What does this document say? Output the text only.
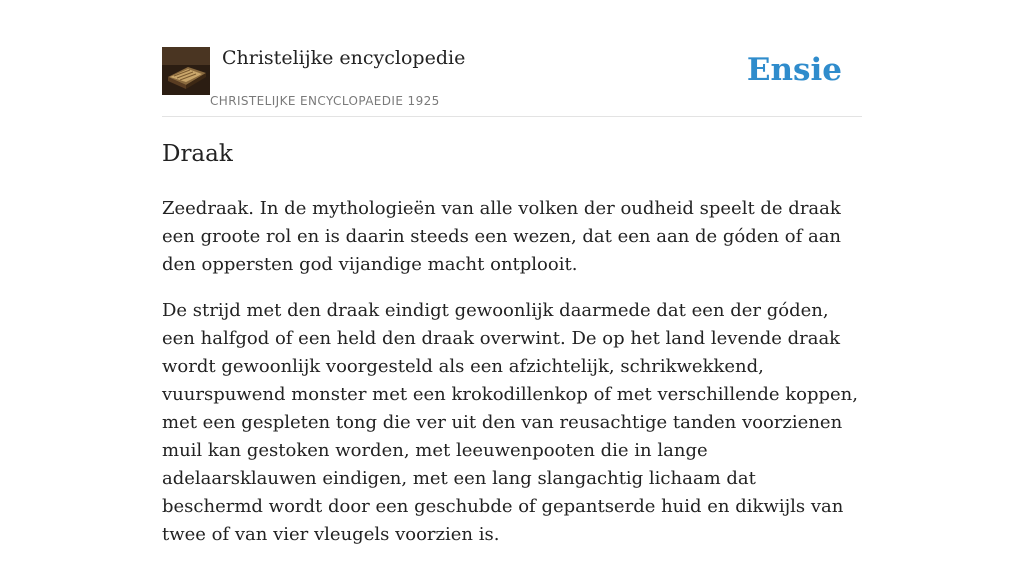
Christelijke encyclopedie
CHRISTELIJKE ENCYCLOPAEDIE 1925
Ensie
Draak

Zeedraak. In de mythologieën van alle volken der oudheid speelt de draak een groote rol en is daarin steeds een wezen, dat een aan de góden of aan den oppersten god vijandige macht ontplooit.

De strijd met den draak eindigt gewoonlijk daarmede dat een der góden, een halfgod of een held den draak overwint. De op het land levende draak wordt gewoonlijk voorgesteld als een afzichtelijk, schrikwekkend, vuurspuwend monster met een krokodillenkop of met verschillende koppen, met een gespleten tong die ver uit den van reusachtige tanden voorzienen muil kan gestoken worden, met leeuwenpooten die in lange adelaarsklauwen eindigen, met een lang slangachtig lichaam dat beschermd wordt door een geschubde of gepantserde huid en dikwijls van twee of van vier vleugels voorzien is.
